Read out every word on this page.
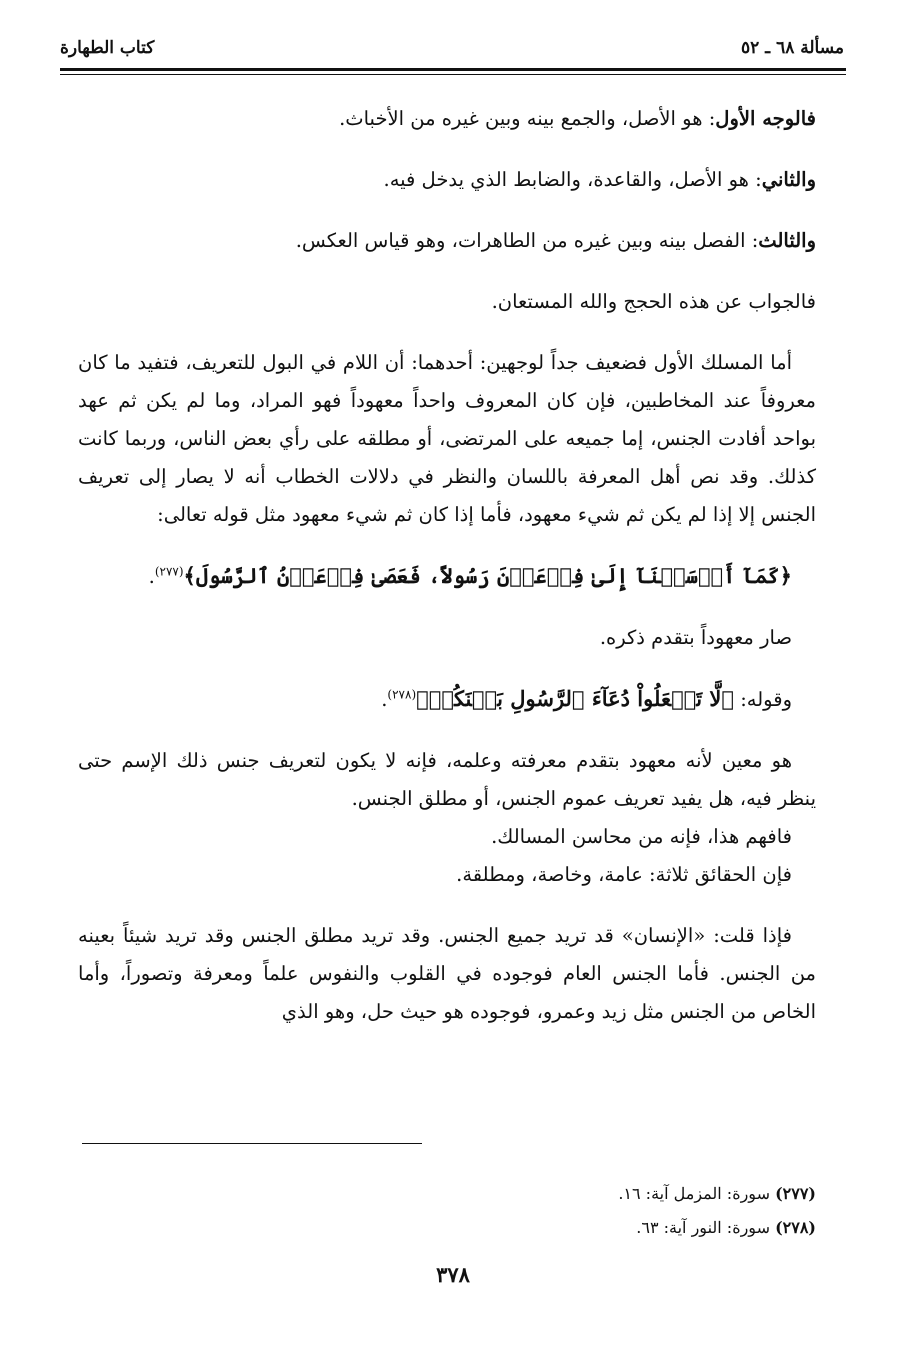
مسألة ٦٨ ـ ٥٢
كتاب الطهارة

فالوجه الأول: هو الأصل، والجمع بينه وبين غيره من الأخباث.

والثاني: هو الأصل، والقاعدة، والضابط الذي يدخل فيه.

والثالث: الفصل بينه وبين غيره من الطاهرات، وهو قياس العكس.

فالجواب عن هذه الحجج والله المستعان.

أما المسلك الأول فضعيف جداً لوجهين: أحدهما: أن اللام في البول للتعريف، فتفيد ما كان معروفاً عند المخاطبين، فإن كان المعروف واحداً معهوداً فهو المراد، وما لم يكن ثم عهد بواحد أفادت الجنس، إما جميعه على المرتضى، أو مطلقه على رأي بعض الناس، وربما كانت كذلك. وقد نص أهل المعرفة باللسان والنظر في دلالات الخطاب أنه لا يصار إلى تعريف الجنس إلا إذا لم يكن ثم شيء معهود، فأما إذا كان ثم شيء معهود مثل قوله تعالى:

﴿كَمَآ أَرۡسَلۡنَآ إِلَىٰ فِرۡعَوۡنَ رَسُولاً، فَعَصَىٰ فِرۡعَوۡنُ ٱلرَّسُولَ﴾$^{(٢٧٧)}$.

صار معهوداً بتقدم ذكره.

وقوله: ﴿لَّا تَجۡعَلُواْ دُعَآءَ ٱلرَّسُولِ بَيۡنَكُمۡ﴾$^{(٢٧٨)}$.

هو معين لأنه معهود بتقدم معرفته وعلمه، فإنه لا يكون لتعريف جنس ذلك الإسم حتى ينظر فيه، هل يفيد تعريف عموم الجنس، أو مطلق الجنس.

فافهم هذا، فإنه من محاسن المسالك.

فإن الحقائق ثلاثة: عامة، وخاصة، ومطلقة.

فإذا قلت: «الإنسان» قد تريد جميع الجنس. وقد تريد مطلق الجنس وقد تريد شيئاً بعينه من الجنس. فأما الجنس العام فوجوده في القلوب والنفوس علماً ومعرفة وتصوراً، وأما الخاص من الجنس مثل زيد وعمرو، فوجوده هو حيث حل، وهو الذي

(٢٧٧) سورة: المزمل آية: ١٦.
(٢٧٨) سورة: النور آية: ٦٣.
٣٧٨
